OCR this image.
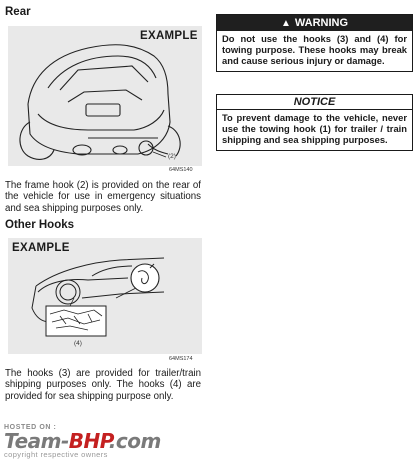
Rear
EXAMPLE
(2)
64MS140
The frame hook (2) is provided on the rear of the vehicle for use in emergency situations and sea shipping purposes only.
Other Hooks
EXAMPLE
(4)
64MS174
The hooks (3) are provided for trailer/train shipping purposes only. The hooks (4) are provided for sea shipping purpose only.
▲ WARNING
Do not use the hooks (3) and (4) for towing purpose. These hooks may break and cause serious injury or damage.
NOTICE
To prevent damage to the vehicle, never use the towing hook (1) for trailer / train shipping and sea shipping purposes.
HOSTED ON :
Team-BHP.com
copyright respective owners
